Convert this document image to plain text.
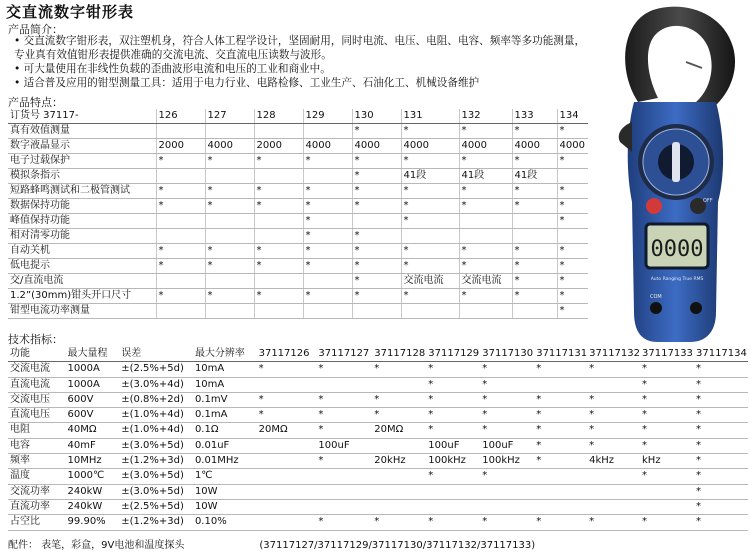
交直流数字钳形表
产品简介：
• 交直流数字钳形表，双注塑机身，符合人体工程学设计，坚固耐用，同时电流、电压、电阻、电容、频率等多功能测量，
专业真有效值钳形表提供准确的交流电流、交直流电压读数与波形。
• 可大量使用在非线性负载的歪曲波形电流和电压的工业和商业中。
• 适合普及应用的钳型测量工具：适用于电力行业、电路检修、工业生产、石油化工、机械设备维护
产品特点：
订货号 37117-	126	127	128	129	130	131	132	133	134
真有效值测量					*	*	*	*	*
数字液晶显示	2000	4000	2000	4000	4000	4000	4000	4000	4000
电子过载保护	*	*	*	*	*	*	*	*	*
模拟条指示					*	41段	41段	41段	
短路蜂鸣测试和二极管测试	*	*	*	*	*	*	*	*	*
数据保持功能	*	*	*	*	*	*	*	*	*
峰值保持功能				*		*			*
相对清零功能				*	*				
自动关机	*	*	*	*	*	*	*	*	*
低电提示	*	*	*	*	*	*	*	*	*
交/直流电流					*	交流电流	交流电流	*	*
1.2”(30mm)钳头开口尺寸	*	*	*	*	*	*	*	*	*
钳型电流功率测量									*
技术指标：
功能	最大量程	误差	最大分辨率	37117126	37117127	37117128	37117129	37117130	37117131	37117132	37117133	37117134
交流电流	1000A	±(2.5%+5d)	10mA	*	*	*	*	*	*	*	*	*
直流电流	1000A	±(3.0%+4d)	10mA				*	*			*	*
交流电压	600V	±(0.8%+2d)	0.1mV	*	*	*	*	*	*	*	*	*
直流电压	600V	±(1.0%+4d)	0.1mA	*	*	*	*	*	*	*	*	*
电阻	40MΩ	±(1.0%+4d)	0.1Ω	20MΩ	*	20MΩ	*	*	*	*	*	*
电容	40mF	±(3.0%+5d)	0.01uF		100uF		100uF	100uF	*	*	*	*
频率	10MHz	±(1.2%+3d)	0.01MHz		*	20kHz	100kHz	100kHz	*	4kHz	kHz	*
温度	1000℃	±(3.0%+5d)	1℃				*	*			*	*
交流功率	240kW	±(3.0%+5d)	10W									*
直流功率	240kW	±(2.5%+5d)	10W									*
占空比	99.90%	±(1.2%+3d)	0.10%		*	*	*	*	*	*	*	*
配件： 表笔，彩盒，9V电池和温度探头	(37117127/37117129/37117130/37117132/37117133)
OFF
0000
Auto Ranging True RMS
COM
